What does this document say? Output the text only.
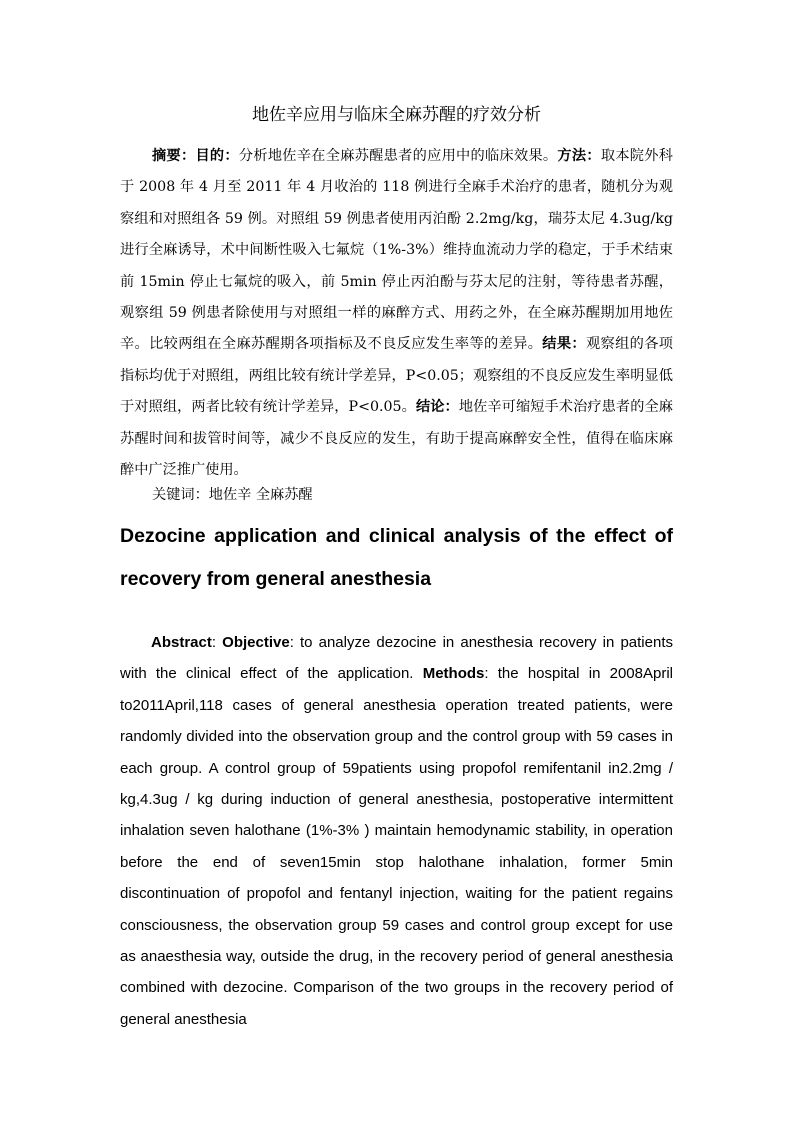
地佐辛应用与临床全麻苏醒的疗效分析

摘要：目的：分析地佐辛在全麻苏醒患者的应用中的临床效果。方法：取本院外科于 2008 年 4 月至 2011 年 4 月收治的 118 例进行全麻手术治疗的患者，随机分为观察组和对照组各 59 例。对照组 59 例患者使用丙泊酚 2.2mg/kg，瑞芬太尼 4.3ug/kg 进行全麻诱导，术中间断性吸入七氟烷（1%-3%）维持血流动力学的稳定，于手术结束前 15min 停止七氟烷的吸入，前 5min 停止丙泊酚与芬太尼的注射，等待患者苏醒，观察组 59 例患者除使用与对照组一样的麻醉方式、用药之外，在全麻苏醒期加用地佐辛。比较两组在全麻苏醒期各项指标及不良反应发生率等的差异。结果：观察组的各项指标均优于对照组，两组比较有统计学差异，P<0.05；观察组的不良反应发生率明显低于对照组，两者比较有统计学差异，P<0.05。结论：地佐辛可缩短手术治疗患者的全麻苏醒时间和拔管时间等，减少不良反应的发生，有助于提高麻醉安全性，值得在临床麻醉中广泛推广使用。

关键词：地佐辛 全麻苏醒
Dezocine application and clinical analysis of the effect of recovery from general anesthesia

Abstract: Objective: to analyze dezocine in anesthesia recovery in patients with the clinical effect of the application. Methods: the hospital in 2008April to2011April,118 cases of general anesthesia operation treated patients, were randomly divided into the observation group and the control group with 59 cases in each group. A control group of 59patients using propofol remifentanil in2.2mg / kg,4.3ug / kg during induction of general anesthesia, postoperative intermittent inhalation seven halothane (1%-3% ) maintain hemodynamic stability, in operation before the end of seven15min stop halothane inhalation, former 5min discontinuation of propofol and fentanyl injection, waiting for the patient regains consciousness, the observation group 59 cases and control group except for use as anaesthesia way, outside the drug, in the recovery period of general anesthesia combined with dezocine. Comparison of the two groups in the recovery period of general anesthesia
